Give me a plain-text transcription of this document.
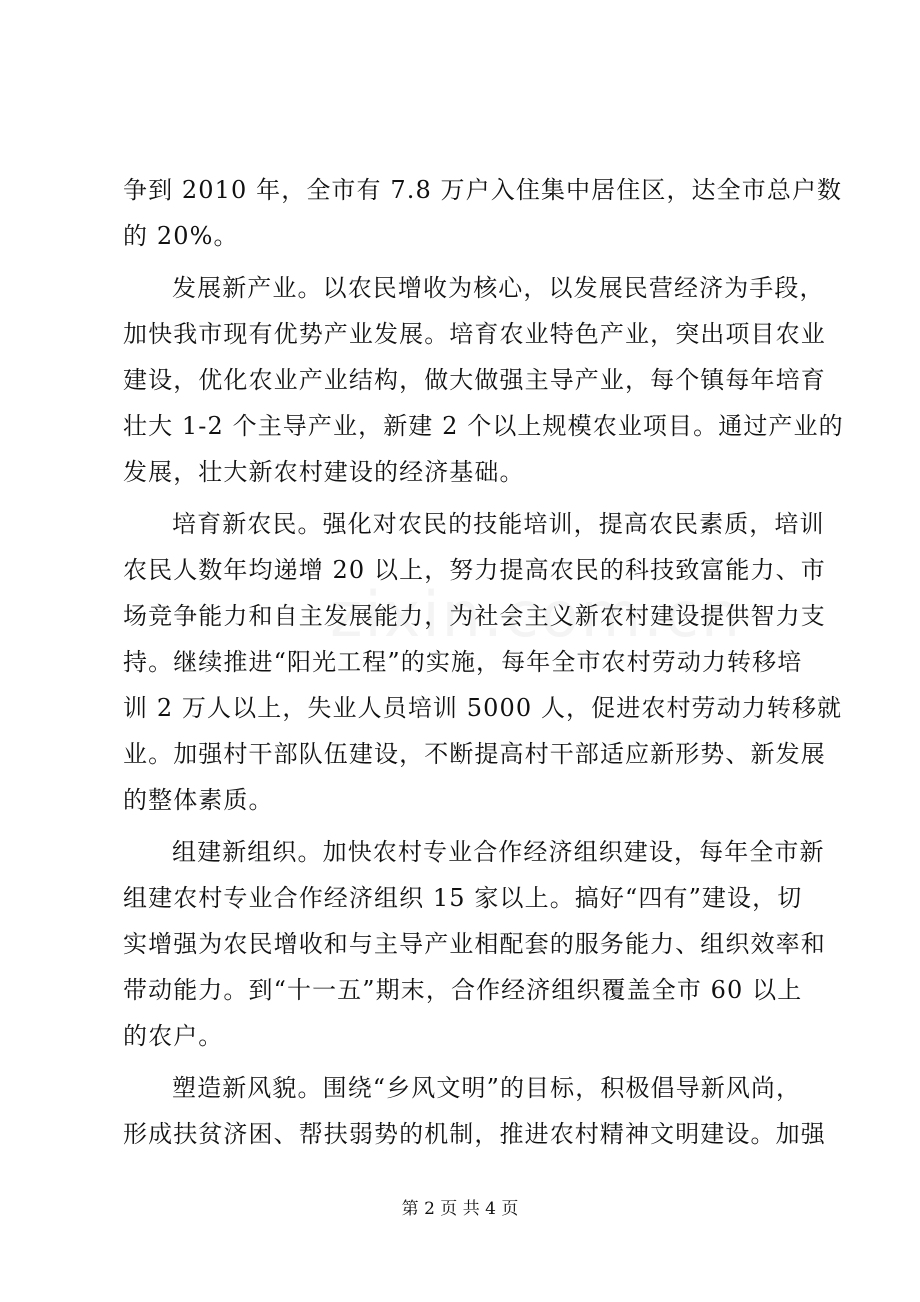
争到 2010 年，全市有 7.8 万户入住集中居住区，达全市总户数
的 20%。
发展新产业。以农民增收为核心，以发展民营经济为手段，
加快我市现有优势产业发展。培育农业特色产业，突出项目农业
建设，优化农业产业结构，做大做强主导产业，每个镇每年培育
壮大 1-2 个主导产业，新建 2 个以上规模农业项目。通过产业的
发展，壮大新农村建设的经济基础。
培育新农民。强化对农民的技能培训，提高农民素质，培训
农民人数年均递增 20 以上，努力提高农民的科技致富能力、市
场竞争能力和自主发展能力，为社会主义新农村建设提供智力支
持。继续推进“阳光工程”的实施，每年全市农村劳动力转移培
训 2 万人以上，失业人员培训 5000 人，促进农村劳动力转移就
业。加强村干部队伍建设，不断提高村干部适应新形势、新发展
的整体素质。
组建新组织。加快农村专业合作经济组织建设，每年全市新
组建农村专业合作经济组织 15 家以上。搞好“四有”建设，切
实增强为农民增收和与主导产业相配套的服务能力、组织效率和
带动能力。到“十一五”期末，合作经济组织覆盖全市 60 以上
的农户。
塑造新风貌。围绕“乡风文明”的目标，积极倡导新风尚，
形成扶贫济困、帮扶弱势的机制，推进农村精神文明建设。加强
第 2 页 共 4 页
